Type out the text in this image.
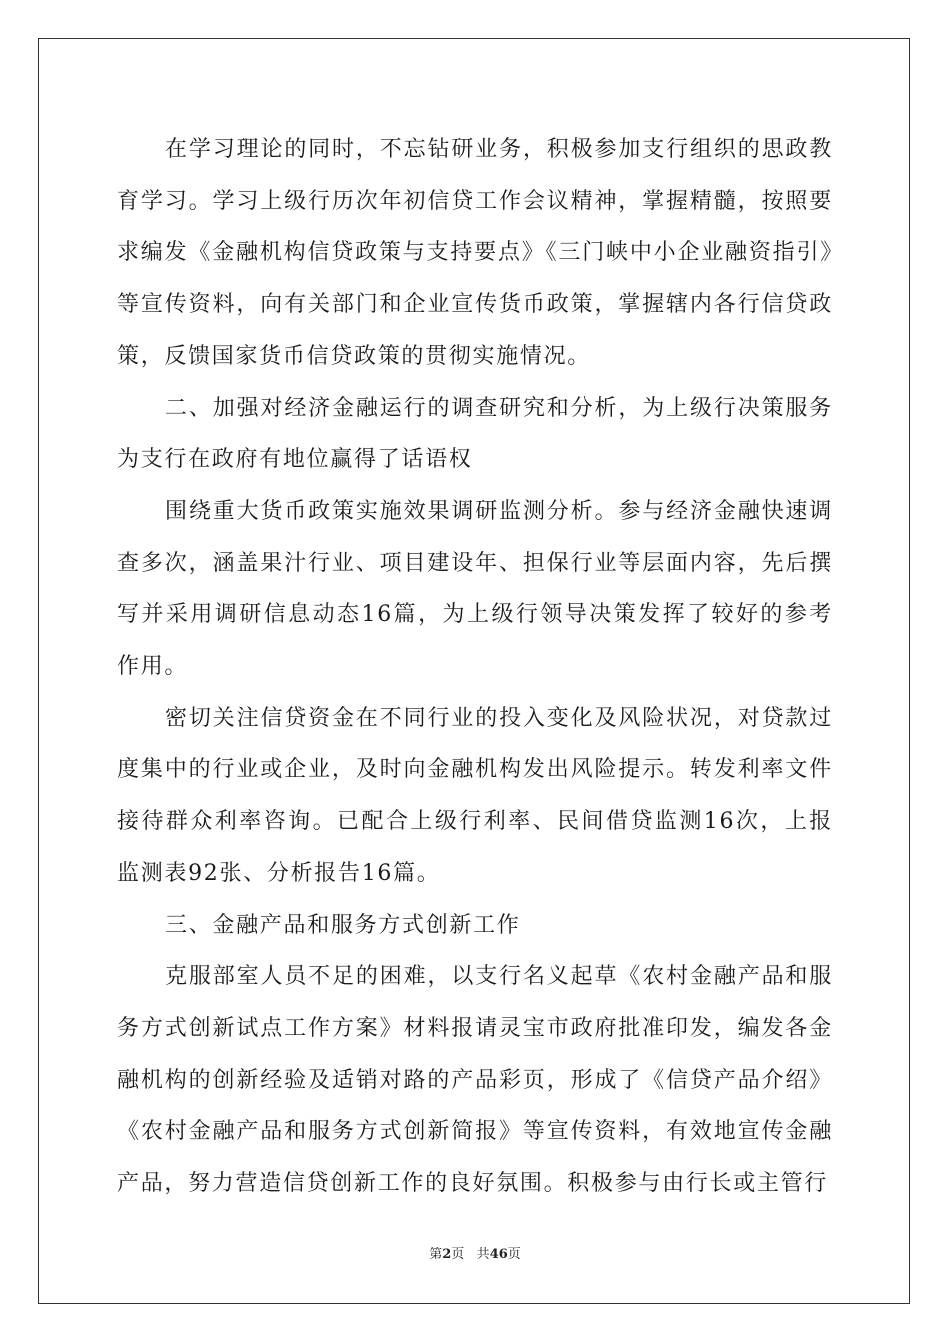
在学习理论的同时，不忘钻研业务，积极参加支行组织的思政教育学习。学习上级行历次年初信贷工作会议精神，掌握精髓，按照要求编发《金融机构信贷政策与支持要点》《三门峡中小企业融资指引》等宣传资料，向有关部门和企业宣传货币政策，掌握辖内各行信贷政策，反馈国家货币信贷政策的贯彻实施情况。

二、加强对经济金融运行的调查研究和分析，为上级行决策服务为支行在政府有地位赢得了话语权

围绕重大货币政策实施效果调研监测分析。参与经济金融快速调查多次，涵盖果汁行业、项目建设年、担保行业等层面内容，先后撰写并采用调研信息动态16篇，为上级行领导决策发挥了较好的参考作用。

密切关注信贷资金在不同行业的投入变化及风险状况，对贷款过度集中的行业或企业，及时向金融机构发出风险提示。转发利率文件接待群众利率咨询。已配合上级行利率、民间借贷监测16次，上报监测表92张、分析报告16篇。

三、金融产品和服务方式创新工作

克服部室人员不足的困难，以支行名义起草《农村金融产品和服务方式创新试点工作方案》材料报请灵宝市政府批准印发，编发各金融机构的创新经验及适销对路的产品彩页，形成了《信贷产品介绍》《农村金融产品和服务方式创新简报》等宣传资料，有效地宣传金融产品，努力营造信贷创新工作的良好氛围。积极参与由行长或主管行

第2页 共46页
